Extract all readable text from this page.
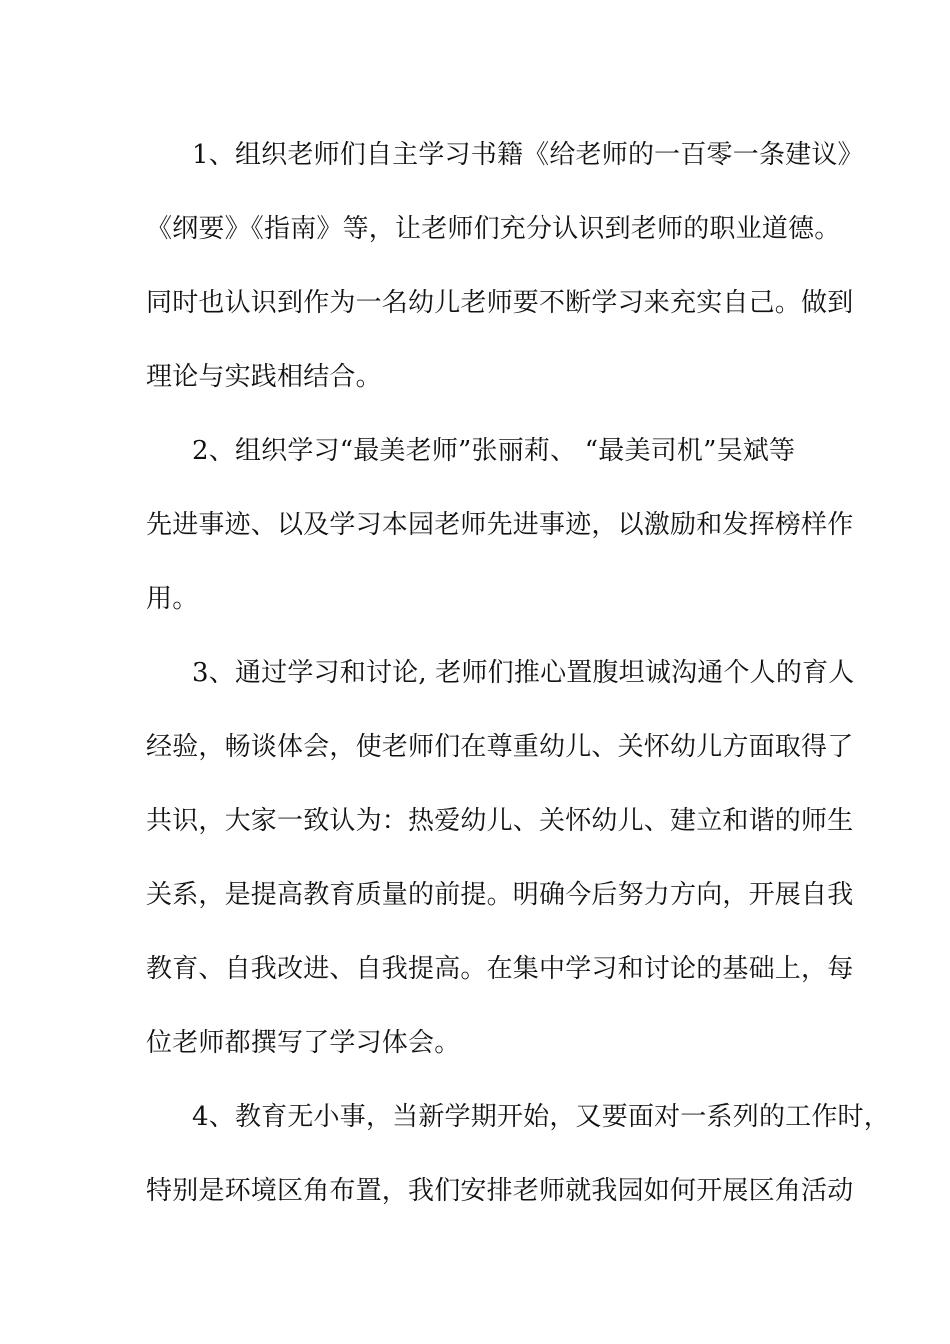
1、组织老师们自主学习书籍《给老师的一百零一条建议》
《纲要》《指南》等，让老师们充分认识到老师的职业道德。
同时也认识到作为一名幼儿老师要不断学习来充实自己。做到
理论与实践相结合。
2、组织学习“最美老师”张丽莉、 “最美司机”吴斌等
先进事迹、以及学习本园老师先进事迹，以激励和发挥榜样作
用。
3、通过学习和讨论, 老师们推心置腹坦诚沟通个人的育人
经验，畅谈体会，使老师们在尊重幼儿、关怀幼儿方面取得了
共识，大家一致认为：热爱幼儿、关怀幼儿、建立和谐的师生
关系，是提高教育质量的前提。明确今后努力方向，开展自我
教育、自我改进、自我提高。在集中学习和讨论的基础上，每
位老师都撰写了学习体会。
4、教育无小事，当新学期开始，又要面对一系列的工作时，
特别是环境区角布置，我们安排老师就我园如何开展区角活动
